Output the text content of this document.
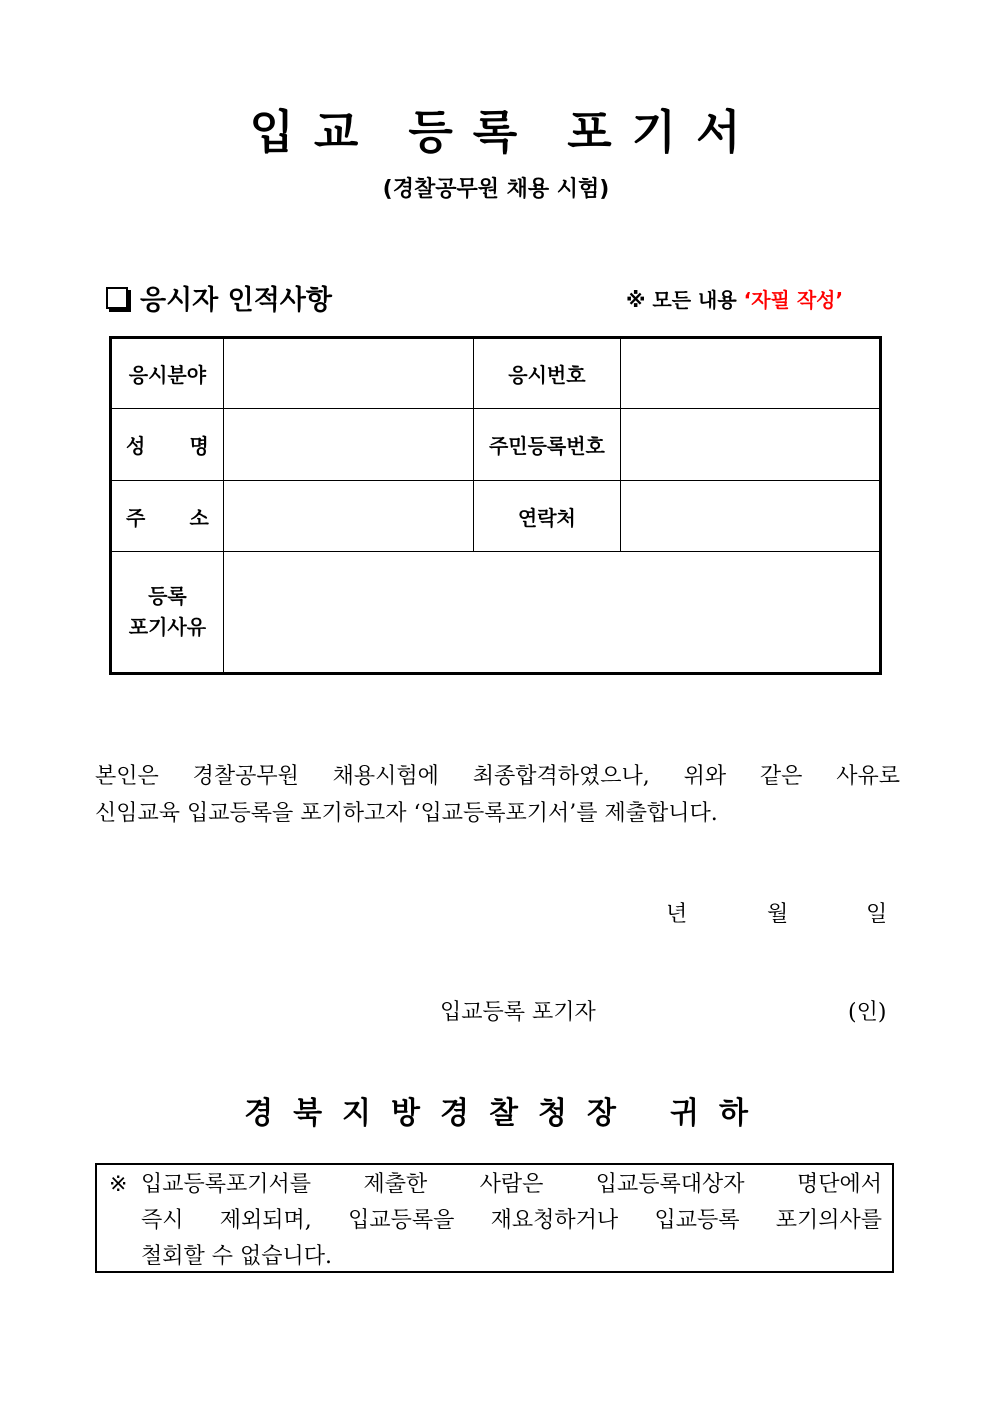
입 교 등 록 포 기 서
(경찰공무원 채용 시험)
응시자 인적사항	※ 모든 내용 ‘자필 작성’
응시분야		응시번호	

성 명		주민등록번호	

주 소		연락처	
등록
포기사유			
본인은 경찰공무원 채용시험에 최종합격하였으나, 위와 같은 사유로
신임교육 입교등록을 포기하고자 ‘입교등록포기서’를 제출합니다.
년	월	일
입교등록 포기자	(인)
경 북 지 방 경 찰 청 장 귀 하
※ 입교등록포기서를 제출한 사람은 입교등록대상자 명단에서
즉시 제외되며, 입교등록을 재요청하거나 입교등록 포기의사를
철회할 수 없습니다.
